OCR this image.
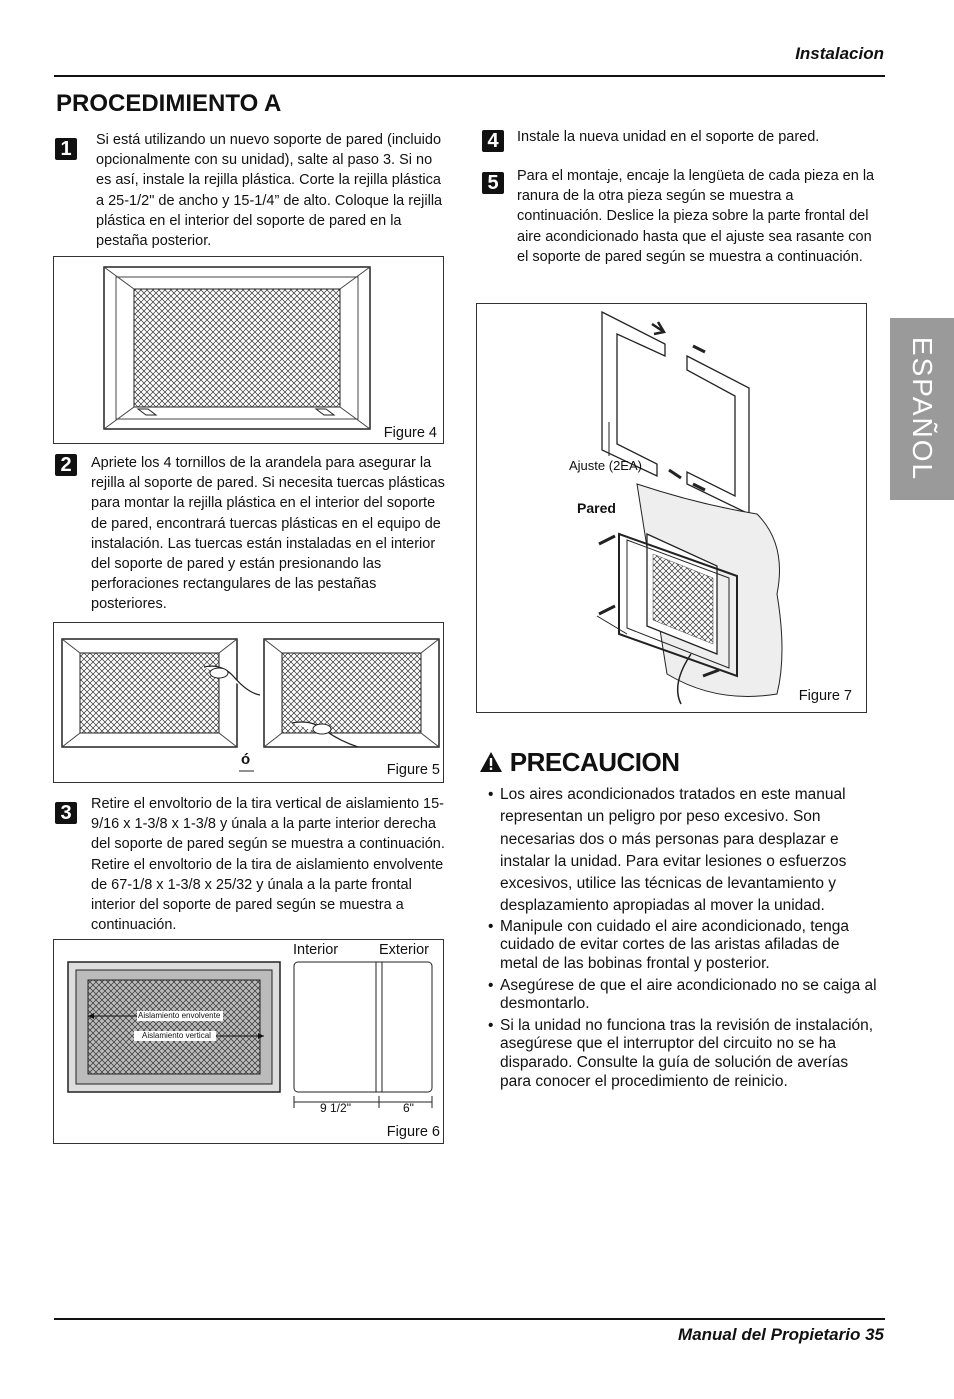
Instalacion
PROCEDIMIENTO A
ESPAÑOL
1	Si está utilizando un nuevo soporte de pared (incluido opcionalmente con su unidad), salte al paso 3. Si no es así, instale la rejilla plástica. Corte la rejilla plástica a 25-1/2" de ancho y 15-1/4” de alto. Coloque la rejilla plástica en el interior del soporte de pared en la pestaña posterior.
Figure 4
2	Apriete los 4 tornillos de la arandela para asegurar la rejilla al soporte de pared. Si necesita tuercas plásticas para montar la rejilla plástica en el interior del soporte de pared, encontrará tuercas plásticas en el equipo de instalación. Las tuercas están instaladas en el interior del soporte de pared y están presionando las perforaciones rectangulares de las pestañas posteriores.
ó
Figure 5
3	Retire el envoltorio de la tira vertical de aislamiento 15-9/16 x 1-3/8 x 1-3/8 y únala a la parte interior derecha del soporte de pared según se muestra a continuación. Retire el envoltorio de la tira de aislamiento envolvente de 67-1/8 x 1-3/8 x 25/32 y únala a la parte frontal interior del soporte de pared según se muestra a continuación.
Aislamiento envolvente
Aislamiento vertical
Interior	Exterior
9 1/2"	6"
Figure 6
4	Instale la nueva unidad en el soporte de pared.
5	Para el montaje, encaje la lengüeta de cada pieza en la ranura de la otra pieza según se muestra a continuación. Deslice la pieza sobre la parte frontal del aire acondicionado hasta que el ajuste sea rasante con el soporte de pared según se muestra a continuación.
Ajuste (2EA)
Pared
Figure 7
PRECAUCION
• Los aires acondicionados tratados en este manual representan un peligro por peso excesivo. Son necesarias dos o más personas para desplazar e instalar la unidad. Para evitar lesiones o esfuerzos excesivos, utilice las técnicas de levantamiento y desplazamiento apropiadas al mover la unidad.
• Manipule con cuidado el aire acondicionado, tenga cuidado de evitar cortes de las aristas afiladas de metal de las bobinas frontal y posterior.
• Asegúrese de que el aire acondicionado no se caiga al desmontarlo.
• Si la unidad no funciona tras la revisión de instalación, asegúrese que el interruptor del circuito no se ha disparado. Consulte la guía de solución de averías para conocer el procedimiento de reinicio.
Manual del Propietario 35
